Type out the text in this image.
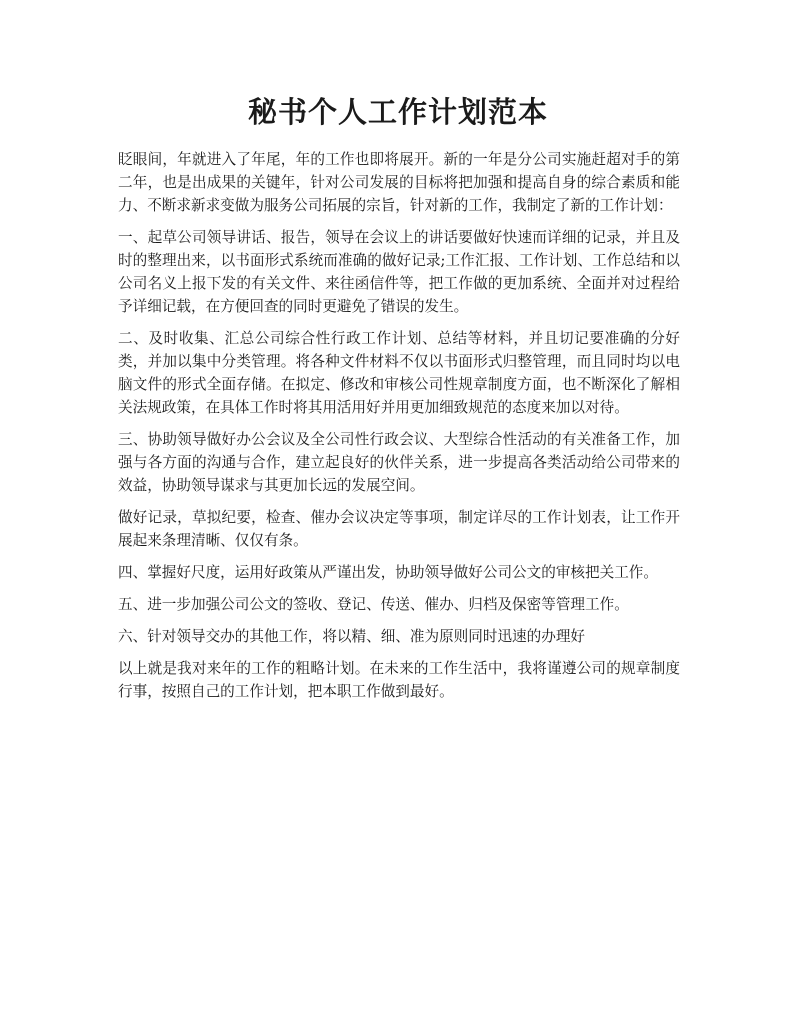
秘书个人工作计划范本

眨眼间，年就进入了年尾，年的工作也即将展开。新的一年是分公司实施赶超对手的第二年，也是出成果的关键年，针对公司发展的目标将把加强和提高自身的综合素质和能力、不断求新求变做为服务公司拓展的宗旨，针对新的工作，我制定了新的工作计划：

一、起草公司领导讲话、报告，领导在会议上的讲话要做好快速而详细的记录，并且及时的整理出来，以书面形式系统而准确的做好记录;工作汇报、工作计划、工作总结和以公司名义上报下发的有关文件、来往函信件等，把工作做的更加系统、全面并对过程给予详细记载，在方便回查的同时更避免了错误的发生。

二、及时收集、汇总公司综合性行政工作计划、总结等材料，并且切记要准确的分好类，并加以集中分类管理。将各种文件材料不仅以书面形式归整管理，而且同时均以电脑文件的形式全面存储。在拟定、修改和审核公司性规章制度方面，也不断深化了解相关法规政策，在具体工作时将其用活用好并用更加细致规范的态度来加以对待。

三、协助领导做好办公会议及全公司性行政会议、大型综合性活动的有关准备工作，加强与各方面的沟通与合作，建立起良好的伙伴关系，进一步提高各类活动给公司带来的效益，协助领导谋求与其更加长远的发展空间。

做好记录，草拟纪要，检查、催办会议决定等事项，制定详尽的工作计划表，让工作开展起来条理清晰、仅仅有条。

四、掌握好尺度，运用好政策从严谨出发，协助领导做好公司公文的审核把关工作。

五、进一步加强公司公文的签收、登记、传送、催办、归档及保密等管理工作。

六、针对领导交办的其他工作，将以精、细、准为原则同时迅速的办理好

以上就是我对来年的工作的粗略计划。在未来的工作生活中，我将谨遵公司的规章制度行事，按照自己的工作计划，把本职工作做到最好。
